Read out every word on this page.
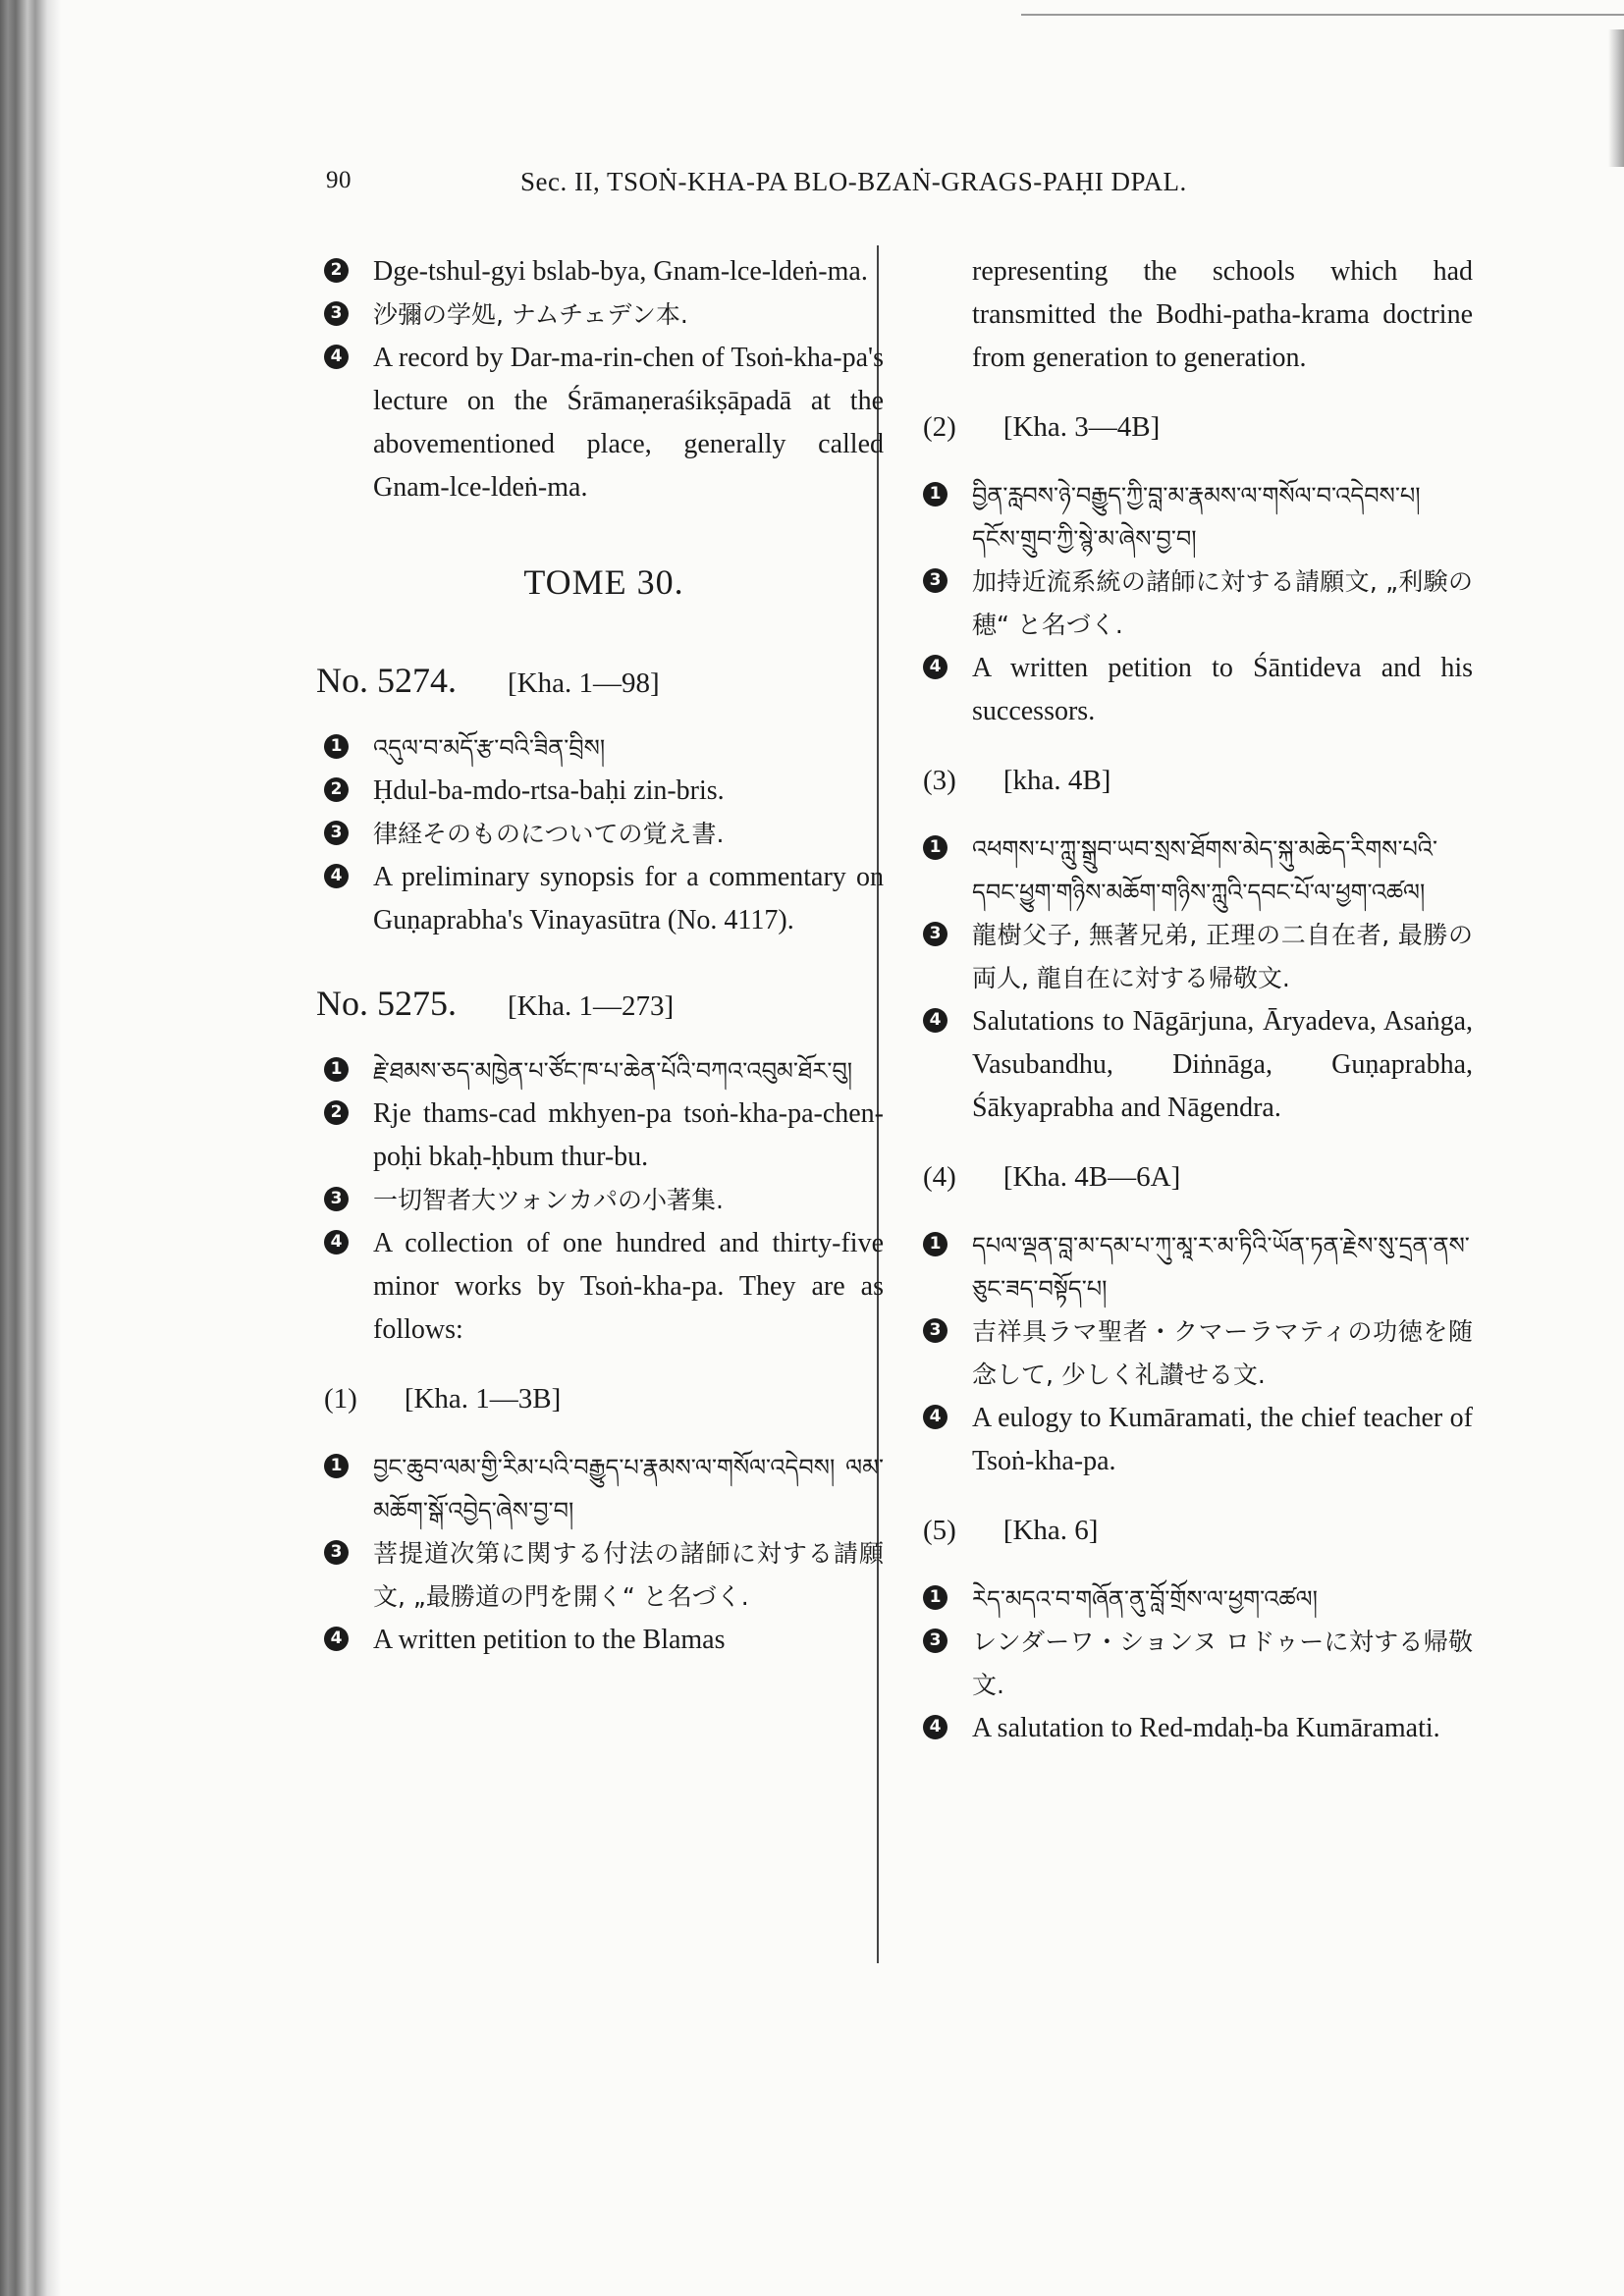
90	Sec. II, TSOṄ-KHA-PA BLO-BZAṄ-GRAGS-PAḤI DPAL.
2 Dge-tshul-gyi bslab-bya, Gnam-lce-ldeṅ-ma.
3 沙彌の学処, ナムチェデン本.
4 A record by Dar-ma-rin-chen of Tsoṅ-kha-pa's lecture on the Śrāmaṇeraśikṣāpadā at the abovementioned place, generally called Gnam-lce-ldeṅ-ma.
TOME 30.
No. 5274. [Kha. 1—98]
1 འདུལ་བ་མདོ་རྩ་བའི་ཟིན་བྲིས།
2 Ḥdul-ba-mdo-rtsa-baḥi zin-bris.
3 律経そのものについての覚え書.
4 A preliminary synopsis for a commentary on Guṇaprabha's Vinayasūtra (No. 4117).
No. 5275. [Kha. 1—273]
1 རྗེ་ཐམས་ཅད་མཁྱེན་པ་ཙོང་ཁ་པ་ཆེན་པོའི་བཀའ་འབུམ་ཐོར་བུ།
2 Rje thams-cad mkhyen-pa tsoṅ-kha-pa-chen-poḥi bkaḥ-ḥbum thur-bu.
3 一切智者大ツォンカパの小著集.
4 A collection of one hundred and thirty-five minor works by Tsoṅ-kha-pa. They are as follows:
(1) [Kha. 1—3B]
1 བྱང་ཆུབ་ལམ་གྱི་རིམ་པའི་བརྒྱུད་པ་རྣམས་ལ་གསོལ་འདེབས། ལམ་མཆོག་སྒོ་འབྱེད་ཞེས་བྱ་བ།
3 菩提道次第に関する付法の諸師に対する請願文, „最勝道の門を開く“ と名づく.
4 A written petition to the Blamas
representing the schools which had transmitted the Bodhi-patha-krama doctrine from generation to generation.
(2) [Kha. 3—4B]
1 བྱིན་རླབས་ཉེ་བརྒྱུད་ཀྱི་བླ་མ་རྣམས་ལ་གསོལ་བ་འདེབས་པ། དངོས་གྲུབ་ཀྱི་སྙེ་མ་ཞེས་བྱ་བ།
3 加持近流系統の諸師に対する請願文, „利験の穂“ と名づく.
4 A written petition to Śāntideva and his successors.
(3) [kha. 4B]
1 འཕགས་པ་ཀླུ་སྒྲུབ་ཡབ་སྲས་ཐོགས་མེད་སྐུ་མཆེད་རིགས་པའི་དབང་ཕྱུག་གཉིས་མཆོག་གཉིས་ཀླུའི་དབང་པོ་ལ་ཕྱག་འཚལ།
3 龍樹父子, 無著兄弟, 正理の二自在者, 最勝の両人, 龍自在に対する帰敬文.
4 Salutations to Nāgārjuna, Āryadeva, Asaṅga, Vasubandhu, Diṅnāga, Guṇaprabha, Śākyaprabha and Nāgendra.
(4) [Kha. 4B—6A]
1 དཔལ་ལྡན་བླ་མ་དམ་པ་ཀུ་མཱ་ར་མ་ཏིའི་ཡོན་ཏན་རྗེས་སུ་དྲན་ནས་ཅུང་ཟད་བསྟོད་པ།
3 吉祥具ラマ聖者・クマーラマティの功徳を随念して, 少しく礼讃せる文.
4 A eulogy to Kumāramati, the chief teacher of Tsoṅ-kha-pa.
(5) [Kha. 6]
1 རེད་མདའ་བ་གཞོན་ནུ་བློ་གྲོས་ལ་ཕྱག་འཚལ།
3 レンダーワ・ションヌ ロドゥーに対する帰敬文.
4 A salutation to Red-mdaḥ-ba Kumāramati.
